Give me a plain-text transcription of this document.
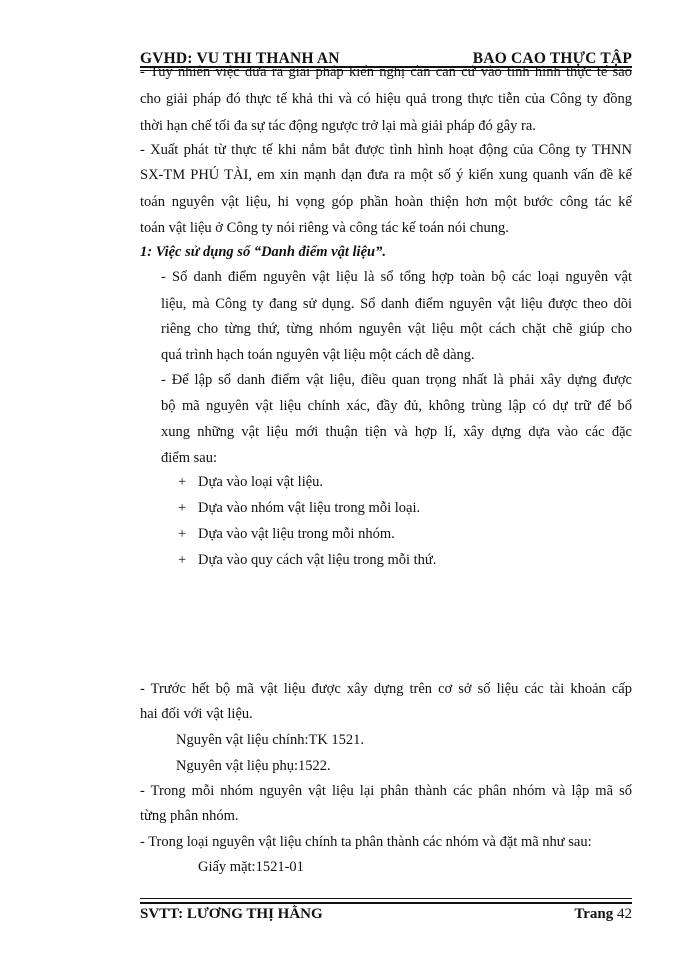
GVHD: VU THI THANH AN	BAO CAO THỰC TẬP
- Tuy nhiên việc đưa ra giải pháp kiến nghị cần căn cứ vào tình hình thực tế sao
cho giải pháp đó thực tế khả thi và có hiệu quả trong thực tiễn của Công ty đồng
thời hạn chế tối đa sự tác động ngược trở lại mà giải pháp đó gây ra.
- Xuất phát từ thực tế khi nắm bắt được tình hình hoạt động của Công ty THNN
SX-TM PHÚ TÀI, em xin mạnh dạn đưa ra một số ý kiến xung quanh vấn đề kế
toán nguyên vật liệu, hi vọng góp phần hoàn thiện hơn một bước công tác kế
toán vật liệu ở Công ty nói riêng và công tác kế toán nói chung.
1: Việc sử dụng sổ “Danh điểm vật liệu”.
- Sổ danh điểm nguyên vật liệu là sổ tổng hợp toàn bộ các loại nguyên vật
liệu, mà Công ty đang sử dụng. Sổ danh điểm nguyên vật liệu được theo dõi
riêng cho từng thứ, từng nhóm nguyên vật liệu một cách chặt chẽ giúp cho
quá trình hạch toán nguyên vật liệu một cách dễ dàng.
- Để lập sổ danh điểm vật liệu, điều quan trọng nhất là phải xây dựng được
bộ mã nguyên vật liệu chính xác, đầy đủ, không trùng lập có dự trữ để bổ
xung những vật liệu mới thuận tiện và hợp lí, xây dựng dựa vào các đặc
điểm sau:
+ Dựa vào loại vật liệu.
+ Dựa vào nhóm vật liệu trong mỗi loại.
+ Dựa vào vật liệu trong mỗi nhóm.
+ Dựa vào quy cách vật liệu trong mỗi thứ.
- Trước hết bộ mã vật liệu được xây dựng trên cơ sở số liệu các tài khoản cấp
hai đối với vật liệu.
Nguyên vật liệu chính:TK 1521.
Nguyên vật liệu phụ:1522.
- Trong mỗi nhóm nguyên vật liệu lại phân thành các phân nhóm và lập mã số
từng phân nhóm.
- Trong loại nguyên vật liệu chính ta phân thành các nhóm và đặt mã như sau:
Giấy mặt:1521-01
SVTT: LƯƠNG THỊ HẰNG	Trang 42
